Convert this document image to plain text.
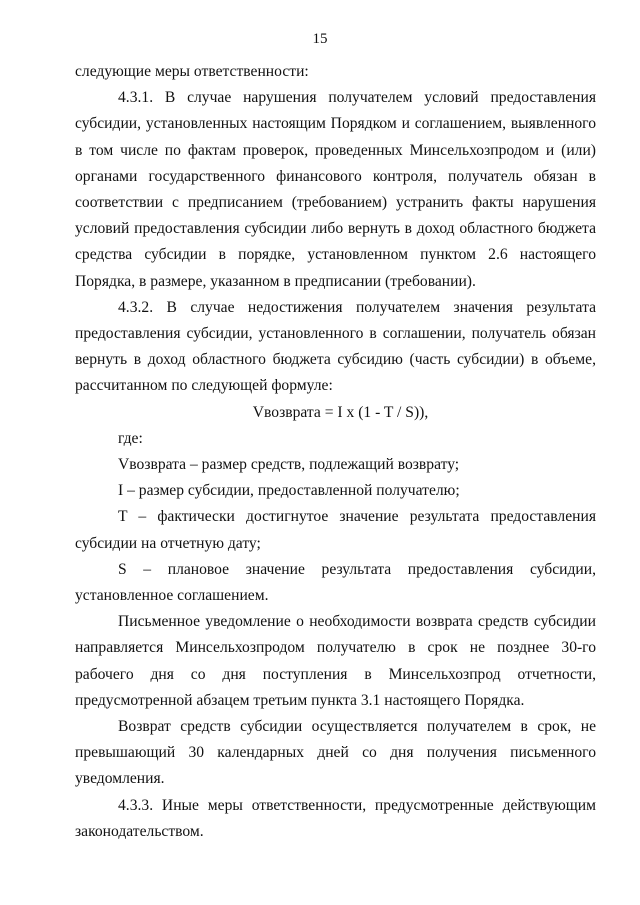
15

следующие меры ответственности:

4.3.1. В случае нарушения получателем условий предоставления субсидии, установленных настоящим Порядком и соглашением, выявленного в том числе по фактам проверок, проведенных Минсельхозпродом и (или) органами государственного финансового контроля, получатель обязан в соответствии с предписанием (требованием) устранить факты нарушения условий предоставления субсидии либо вернуть в доход областного бюджета средства субсидии в порядке, установленном пунктом 2.6 настоящего Порядка, в размере, указанном в предписании (требовании).

4.3.2. В случае недостижения получателем значения результата предоставления субсидии, установленного в соглашении, получатель обязан вернуть в доход областного бюджета субсидию (часть субсидии) в объеме, рассчитанном по следующей формуле:

Vвозврата = I x (1 - T / S)),

где:

Vвозврата – размер средств, подлежащий возврату;

I – размер субсидии, предоставленной получателю;

T – фактически достигнутое значение результата предоставления субсидии на отчетную дату;

S – плановое значение результата предоставления субсидии, установленное соглашением.

Письменное уведомление о необходимости возврата средств субсидии направляется Минсельхозпродом получателю в срок не позднее 30-го рабочего дня со дня поступления в Минсельхозпрод отчетности, предусмотренной абзацем третьим пункта 3.1 настоящего Порядка.

Возврат средств субсидии осуществляется получателем в срок, не превышающий 30 календарных дней со дня получения письменного уведомления.

4.3.3. Иные меры ответственности, предусмотренные действующим законодательством.
